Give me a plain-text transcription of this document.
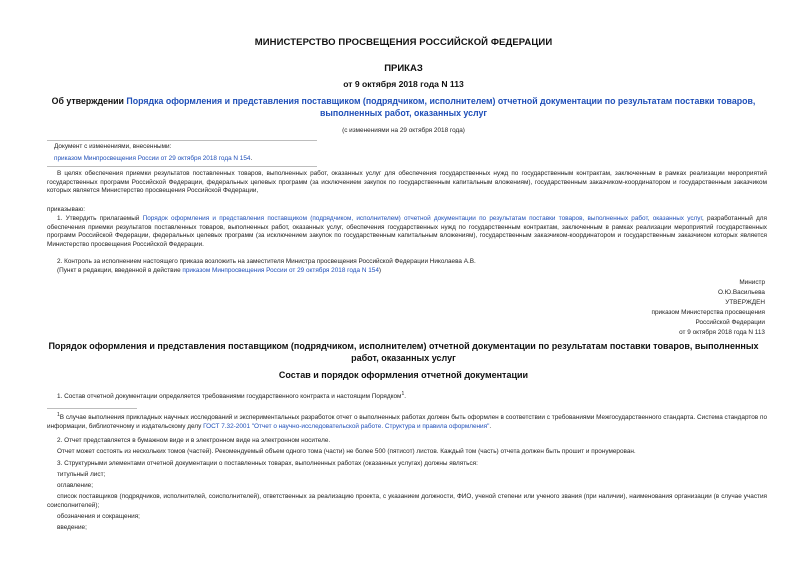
МИНИСТЕРСТВО ПРОСВЕЩЕНИЯ РОССИЙСКОЙ ФЕДЕРАЦИИ
ПРИКАЗ
от 9 октября 2018 года N 113
Об утверждении Порядка оформления и представления поставщиком (подрядчиком, исполнителем) отчетной документации по результатам поставки товаров, выполненных работ, оказанных услуг
(с изменениями на 29 октября 2018 года)
Документ с изменениями, внесенными:
приказом Минпросвещения России от 29 октября 2018 года N 154.
В целях обеспечения приемки результатов поставленных товаров, выполненных работ, оказанных услуг для обеспечения государственных нужд по государственным контрактам, заключенным в рамках реализации мероприятий государственных программ Российской Федерации, федеральных целевых программ (за исключением закупок по государственным капитальным вложениям), государственным заказчиком-координатором и государственным заказчиком которых является Министерство просвещения Российской Федерации,
приказываю:
1. Утвердить прилагаемый Порядок оформления и представления поставщиком (подрядчиком, исполнителем) отчетной документации по результатам поставки товаров, выполненных работ, оказанных услуг, разработанный для обеспечения приемки результатов поставленных товаров, выполненных работ, оказанных услуг, обеспечения государственных нужд по государственным контрактам, заключенным в рамках реализации мероприятий государственных программ Российской Федерации, федеральных целевых программ (за исключением закупок по государственным капитальным вложениям), государственным заказчиком-координатором и государственным заказчиком которых является Министерство просвещения Российской Федерации.
2. Контроль за исполнением настоящего приказа возложить на заместителя Министра просвещения Российской Федерации Николаева А.В.
(Пункт в редакции, введенной в действие приказом Минпросвещения России от 29 октября 2018 года N 154)
Министр
О.Ю.Васильева
УТВЕРЖДЕН
приказом Министерства просвещения
Российской Федерации
от 9 октября 2018 года N 113
Порядок оформления и представления поставщиком (подрядчиком, исполнителем) отчетной документации по результатам поставки товаров, выполненных работ, оказанных услуг
Состав и порядок оформления отчетной документации
1. Состав отчетной документации определяется требованиями государственного контракта и настоящим Порядком$^1$.
$^1$В случае выполнения прикладных научных исследований и экспериментальных разработок отчет о выполненных работах должен быть оформлен в соответствии с требованиями Межгосударственного стандарта. Система стандартов по информации, библиотечному и издательскому делу ГОСТ 7.32-2001 "Отчет о научно-исследовательской работе. Структура и правила оформления".
2. Отчет представляется в бумажном виде и в электронном виде на электронном носителе.
Отчет может состоять из нескольких томов (частей). Рекомендуемый объем одного тома (части) не более 500 (пятисот) листов. Каждый том (часть) отчета должен быть прошит и пронумерован.
3. Структурными элементами отчетной документации о поставленных товарах, выполненных работах (оказанных услугах) должны являться:
титульный лист;
оглавление;
список поставщиков (подрядчиков, исполнителей, соисполнителей), ответственных за реализацию проекта, с указанием должности, ФИО, ученой степени или ученого звания (при наличии), наименования организации (в случае участия соисполнителей);
обозначения и сокращения;
введение;
